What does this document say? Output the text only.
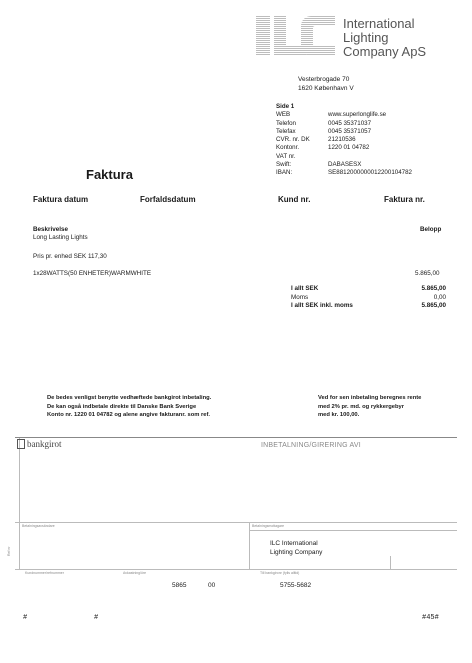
International
Lighting
Company ApS
Vesterbrogade 70
1620 København V
Side 1
WEB	www.superlonglife.se
Telefon	0045 35371037
Telefax	0045 35371057
CVR. nr. DK	21210536
Kontonr.	1220 01 04782
VAT nr.
Swift:	DABASESX
IBAN:	SE8812000000012200104782
Faktura
Faktura datum	Forfaldsdatum	Kund nr.	Faktura nr.
Beskrivelse
Long Lasting Lights
Belopp
Pris pr. enhed SEK 117,30
1x28WATTS(50 ENHETER)WARMWHITE	5.865,00
I allt SEK	5.865,00
Moms	0,00
I allt SEK inkl. moms	5.865,00
De bedes venligst benytte vedhæftede bankgirot inbetaling.
De kan også indbetale direkte til Danske Bank Sverige
Konto nr. 1220 01 04782 og alene angive fakturanr. som ref.
Ved for sen inbetaling beregnes rente
med 2% pr. md. og rykkergebyr
med kr. 100,00.
bankgirot	INBETALNING/GIRERING AVI
Betalningsavsändare	Betalningsmottagare
ILC International
Lighting Company
Ref nr
Kundnummer/refnummer	Avkastning/öre	Till bankgironr (fylls alltid)
5865	00	5755-5682
#	#	#45#
